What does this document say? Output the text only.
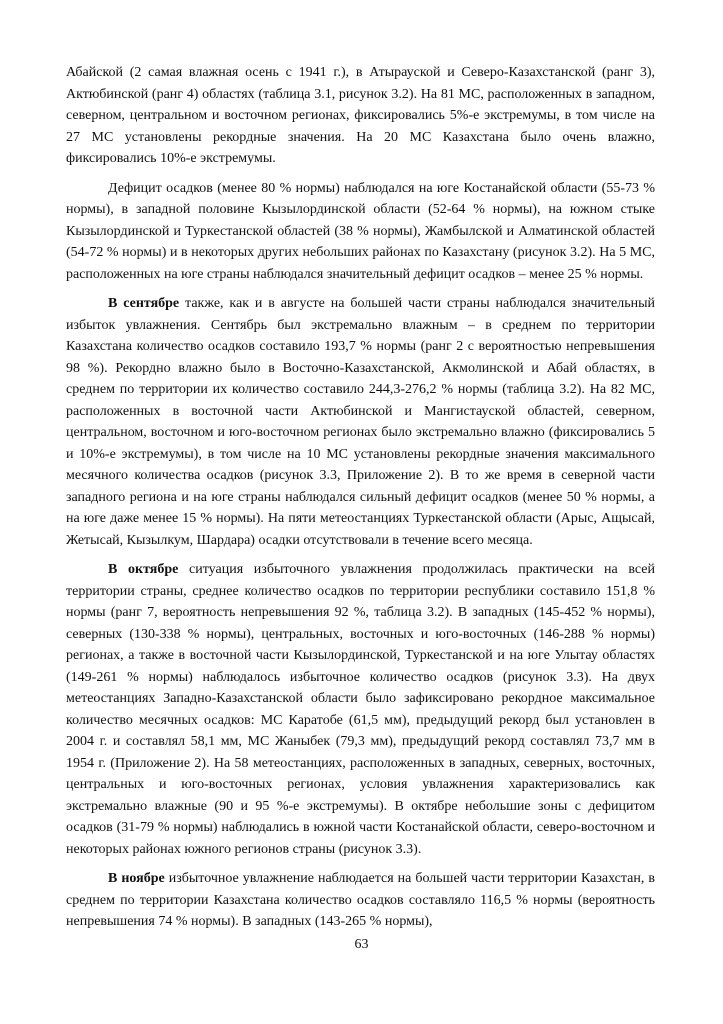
Абайской (2 самая влажная осень с 1941 г.), в Атырауской и Северо-Казахстанской (ранг 3), Актюбинской (ранг 4) областях (таблица 3.1, рисунок 3.2). На 81 МС, расположенных в западном, северном, центральном и восточном регионах, фиксировались 5%-е экстремумы, в том числе на 27 МС установлены рекордные значения. На 20 МС Казахстана было очень влажно, фиксировались 10%-е экстремумы.

Дефицит осадков (менее 80 % нормы) наблюдался на юге Костанайской области (55-73 % нормы), в западной половине Кызылординской области (52-64 % нормы), на южном стыке Кызылординской и Туркестанской областей (38 % нормы), Жамбылской и Алматинской областей (54-72 % нормы) и в некоторых других небольших районах по Казахстану (рисунок 3.2). На 5 МС, расположенных на юге страны наблюдался значительный дефицит осадков – менее 25 % нормы.

В сентябре также, как и в августе на большей части страны наблюдался значительный избыток увлажнения. Сентябрь был экстремально влажным – в среднем по территории Казахстана количество осадков составило 193,7 % нормы (ранг 2 с вероятностью непревышения 98 %). Рекордно влажно было в Восточно-Казахстанской, Акмолинской и Абай областях, в среднем по территории их количество составило 244,3-276,2 % нормы (таблица 3.2). На 82 МС, расположенных в восточной части Актюбинской и Мангистауской областей, северном, центральном, восточном и юго-восточном регионах было экстремально влажно (фиксировались 5 и 10%-е экстремумы), в том числе на 10 МС установлены рекордные значения максимального месячного количества осадков (рисунок 3.3, Приложение 2). В то же время в северной части западного региона и на юге страны наблюдался сильный дефицит осадков (менее 50 % нормы, а на юге даже менее 15 % нормы). На пяти метеостанциях Туркестанской области (Арыс, Ащысай, Жетысай, Кызылкум, Шардара) осадки отсутствовали в течение всего месяца.

В октябре ситуация избыточного увлажнения продолжилась практически на всей территории страны, среднее количество осадков по территории республики составило 151,8 % нормы (ранг 7, вероятность непревышения 92 %, таблица 3.2). В западных (145-452 % нормы), северных (130-338 % нормы), центральных, восточных и юго-восточных (146-288 % нормы) регионах, а также в восточной части Кызылординской, Туркестанской и на юге Улытау областях (149-261 % нормы) наблюдалось избыточное количество осадков (рисунок 3.3). На двух метеостанциях Западно-Казахстанской области было зафиксировано рекордное максимальное количество месячных осадков: МС Каратобе (61,5 мм), предыдущий рекорд был установлен в 2004 г. и составлял 58,1 мм, МС Жаныбек (79,3 мм), предыдущий рекорд составлял 73,7 мм в 1954 г. (Приложение 2). На 58 метеостанциях, расположенных в западных, северных, восточных, центральных и юго-восточных регионах, условия увлажнения характеризовались как экстремально влажные (90 и 95 %-е экстремумы). В октябре небольшие зоны с дефицитом осадков (31-79 % нормы) наблюдались в южной части Костанайской области, северо-восточном и некоторых районах южного регионов страны (рисунок 3.3).

В ноябре избыточное увлажнение наблюдается на большей части территории Казахстан, в среднем по территории Казахстана количество осадков составляло 116,5 % нормы (вероятность непревышения 74 % нормы). В западных (143-265 % нормы),

63
